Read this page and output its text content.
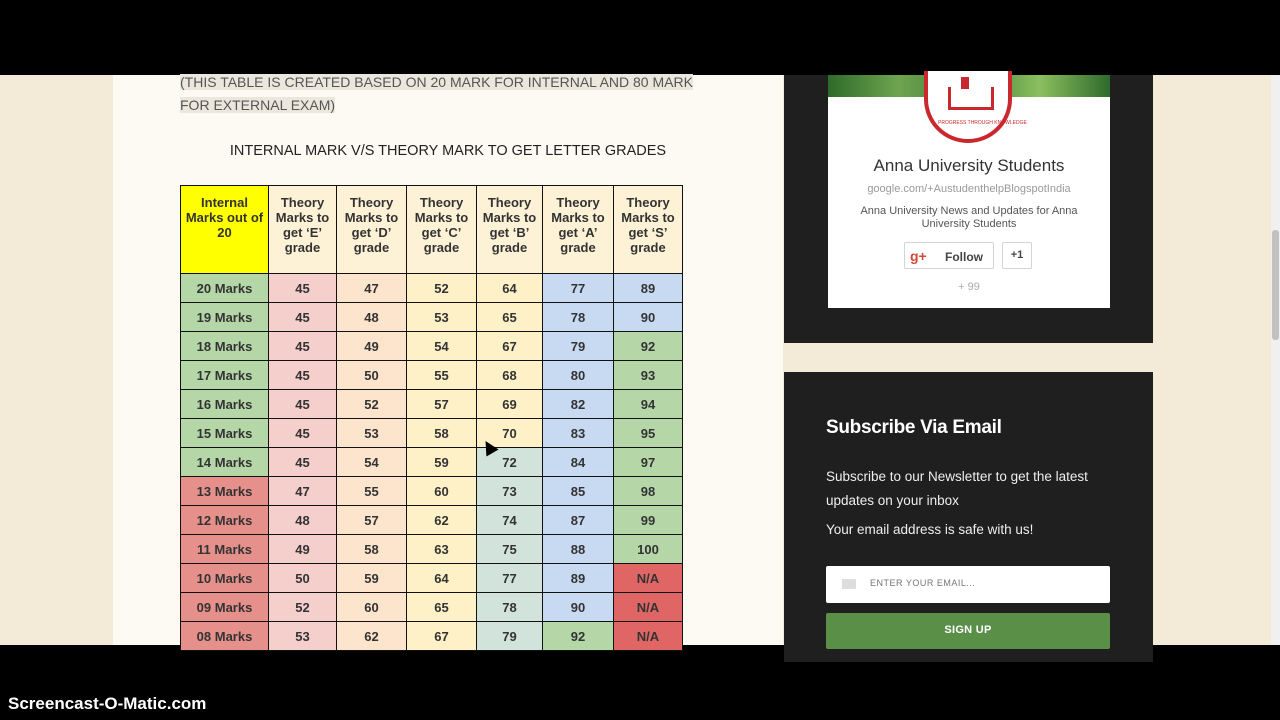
(THIS TABLE IS CREATED BASED ON 20 MARK FOR INTERNAL AND 80 MARK FOR EXTERNAL EXAM)
INTERNAL MARK V/S THEORY MARK TO GET LETTER GRADES
Internal Marks out of 20	Theory Marks to get ‘E’ grade	Theory Marks to get ‘D’ grade	Theory Marks to get ‘C’ grade	Theory Marks to get ‘B’ grade	Theory Marks to get ‘A’ grade	Theory Marks to get ‘S’ grade
20 Marks	45	47	52	64	77	89
19 Marks	45	48	53	65	78	90
18 Marks	45	49	54	67	79	92
17 Marks	45	50	55	68	80	93
16 Marks	45	52	57	69	82	94
15 Marks	45	53	58	70	83	95
14 Marks	45	54	59	72	84	97
13 Marks	47	55	60	73	85	98
12 Marks	48	57	62	74	87	99
11 Marks	49	58	63	75	88	100
10 Marks	50	59	64	77	89	N/A
09 Marks	52	60	65	78	90	N/A
08 Marks	53	62	67	79	92	N/A
PROGRESS THROUGH KNOWLEDGE
Anna University Students
google.com/+AustudenthelpBlogspotIndia
Anna University News and Updates for Anna University Students
g+ Follow	+1
+ 99
Subscribe Via Email
Subscribe to our Newsletter to get the latest updates on your inbox
Your email address is safe with us!
ENTER YOUR EMAIL...
SIGN UP
Screencast-O-Matic.com
